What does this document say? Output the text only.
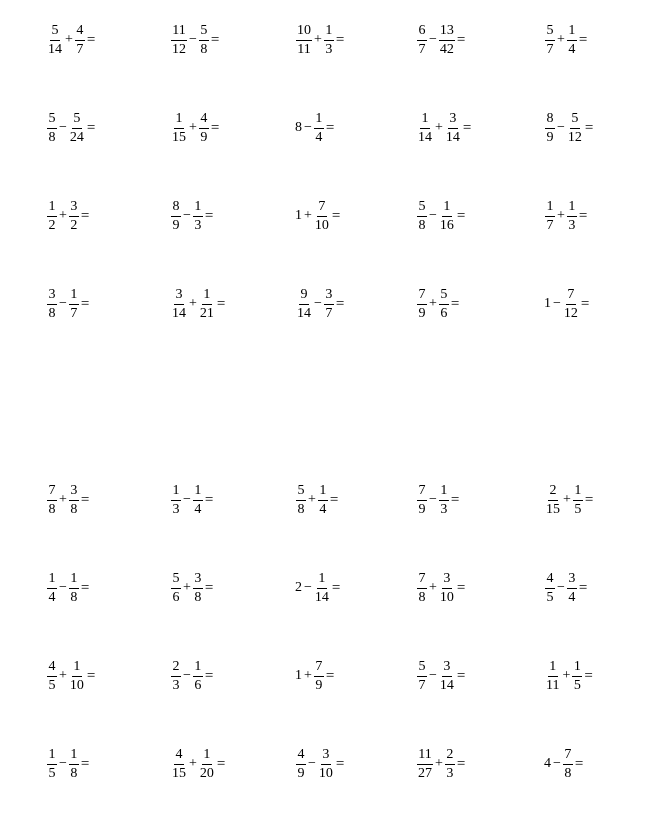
$\frac{5}{14} + \frac{4}{7}$ =	$\frac{11}{12} - \frac{5}{8}$ =	$\frac{10}{11} + \frac{1}{3}$ =	$\frac{6}{7} - \frac{13}{42}$ =	$\frac{5}{7} + \frac{1}{4}$ =
$\frac{5}{8} - \frac{5}{24}$ =	$\frac{1}{15} + \frac{4}{9}$ =	$8 - \frac{1}{4}$ =	$\frac{1}{14} + \frac{3}{14}$ =	$\frac{8}{9} - \frac{5}{12}$ =
$\frac{1}{2} + \frac{3}{2}$ =	$\frac{8}{9} - \frac{1}{3}$ =	$1 + \frac{7}{10}$ =	$\frac{5}{8} - \frac{1}{16}$ =	$\frac{1}{7} + \frac{1}{3}$ =
$\frac{3}{8} - \frac{1}{7}$ =	$\frac{3}{14} + \frac{1}{21}$ =	$\frac{9}{14} - \frac{3}{7}$ =	$\frac{7}{9} + \frac{5}{6}$ =	$1 - \frac{7}{12}$ =
$\frac{7}{8} + \frac{3}{8}$ =	$\frac{1}{3} - \frac{1}{4}$ =	$\frac{5}{8} + \frac{1}{4}$ =	$\frac{7}{9} - \frac{1}{3}$ =	$\frac{2}{15} + \frac{1}{5}$ =
$\frac{1}{4} - \frac{1}{8}$ =	$\frac{5}{6} + \frac{3}{8}$ =	$2 - \frac{1}{14}$ =	$\frac{7}{8} + \frac{3}{10}$ =	$\frac{4}{5} - \frac{3}{4}$ =
$\frac{4}{5} + \frac{1}{10}$ =	$\frac{2}{3} - \frac{1}{6}$ =	$1 + \frac{7}{9}$ =	$\frac{5}{7} - \frac{3}{14}$ =	$\frac{1}{11} + \frac{1}{5}$ =
$\frac{1}{5} - \frac{1}{8}$ =	$\frac{4}{15} + \frac{1}{20}$ =	$\frac{4}{9} - \frac{3}{10}$ =	$\frac{11}{27} + \frac{2}{3}$ =	$4 - \frac{7}{8}$ =
